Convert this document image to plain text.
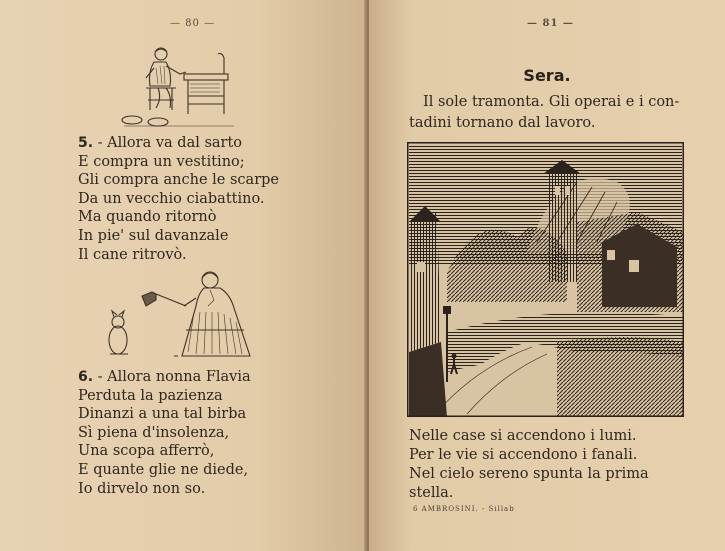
— 80 —
5. - Allora va dal sarto
E compra un vestitino;
Gli compra anche le scarpe
Da un vecchio ciabattino.
Ma quando ritornò
In pie' sul davanzale
Il cane ritrovò.
6. - Allora nonna Flavia
Perduta la pazienza
Dinanzi a una tal birba
Sì piena d'insolenza,
Una scopa afferrò,
E quante glie ne diede,
Io dirvelo non so.
— 81 —
Sera.
Il sole tramonta. Gli operai e i con-
tadini tornano dal lavoro.
Nelle case si accendono i lumi.
Per le vie si accendono i fanali.
Nel cielo sereno spunta la prima
stella.
6 AMBROSINI. - Sillab
